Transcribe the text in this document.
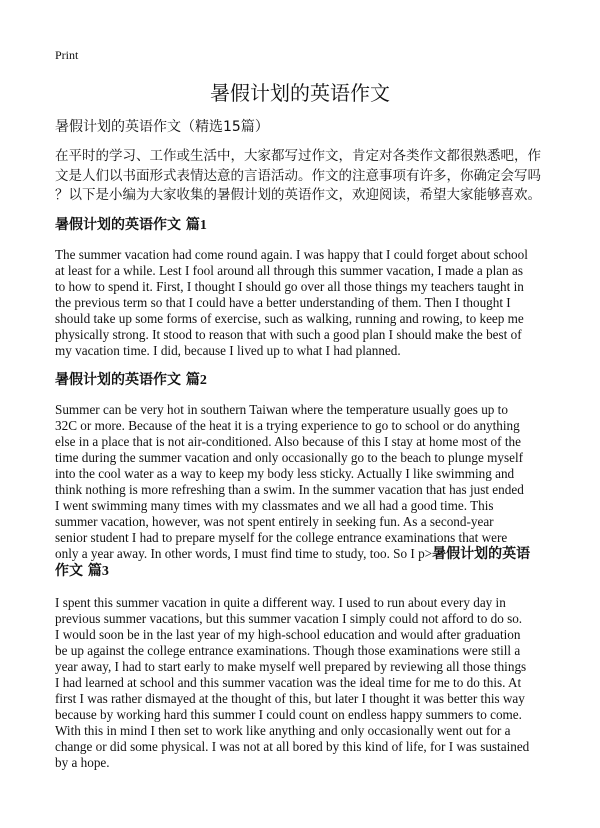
Print
暑假计划的英语作文
暑假计划的英语作文（精选15篇）
在平时的学习、工作或生活中，大家都写过作文，肯定对各类作文都很熟悉吧，作
文是人们以书面形式表情达意的言语活动。作文的注意事项有许多，你确定会写吗
？以下是小编为大家收集的暑假计划的英语作文，欢迎阅读，希望大家能够喜欢。
暑假计划的英语作文 篇1
The summer vacation had come round again. I was happy that I could forget about school
at least for a while. Lest I fool around all through this summer vacation, I made a plan as
to how to spend it. First, I thought I should go over all those things my teachers taught in
the previous term so that I could have a better understanding of them. Then I thought I
should take up some forms of exercise, such as walking, running and rowing, to keep me
physically strong. It stood to reason that with such a good plan I should make the best of
my vacation time. I did, because I lived up to what I had planned.
暑假计划的英语作文 篇2
Summer can be very hot in southern Taiwan where the temperature usually goes up to
32C or more. Because of the heat it is a trying experience to go to school or do anything
else in a place that is not air-conditioned. Also because of this I stay at home most of the
time during the summer vacation and only occasionally go to the beach to plunge myself
into the cool water as a way to keep my body less sticky. Actually I like swimming and
think nothing is more refreshing than a swim. In the summer vacation that has just ended
I went swimming many times with my classmates and we all had a good time. This
summer vacation, however, was not spent entirely in seeking fun. As a second-year
senior student I had to prepare myself for the college entrance examinations that were
only a year away. In other words, I must find time to study, too. So I p>暑假计划的英语
作文 篇3
I spent this summer vacation in quite a different way. I used to run about every day in
previous summer vacations, but this summer vacation I simply could not afford to do so.
I would soon be in the last year of my high-school education and would after graduation
be up against the college entrance examinations. Though those examinations were still a
year away, I had to start early to make myself well prepared by reviewing all those things
I had learned at school and this summer vacation was the ideal time for me to do this. At
first I was rather dismayed at the thought of this, but later I thought it was better this way
because by working hard this summer I could count on endless happy summers to come.
With this in mind I then set to work like anything and only occasionally went out for a
change or did some physical. I was not at all bored by this kind of life, for I was sustained
by a hope.
